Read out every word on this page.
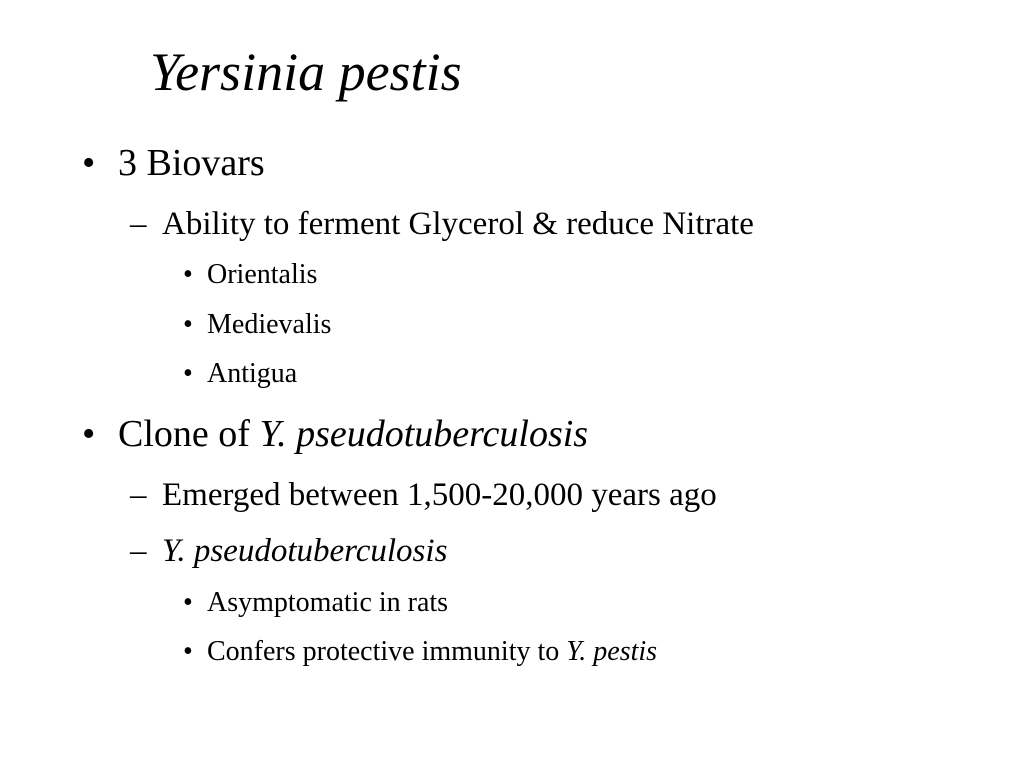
Yersinia pestis
• 3 Biovars
– Ability to ferment Glycerol & reduce Nitrate
• Orientalis
• Medievalis
• Antigua
• Clone of Y. pseudotuberculosis
– Emerged between 1,500-20,000 years ago
– Y. pseudotuberculosis
• Asymptomatic in rats
• Confers protective immunity to Y. pestis
